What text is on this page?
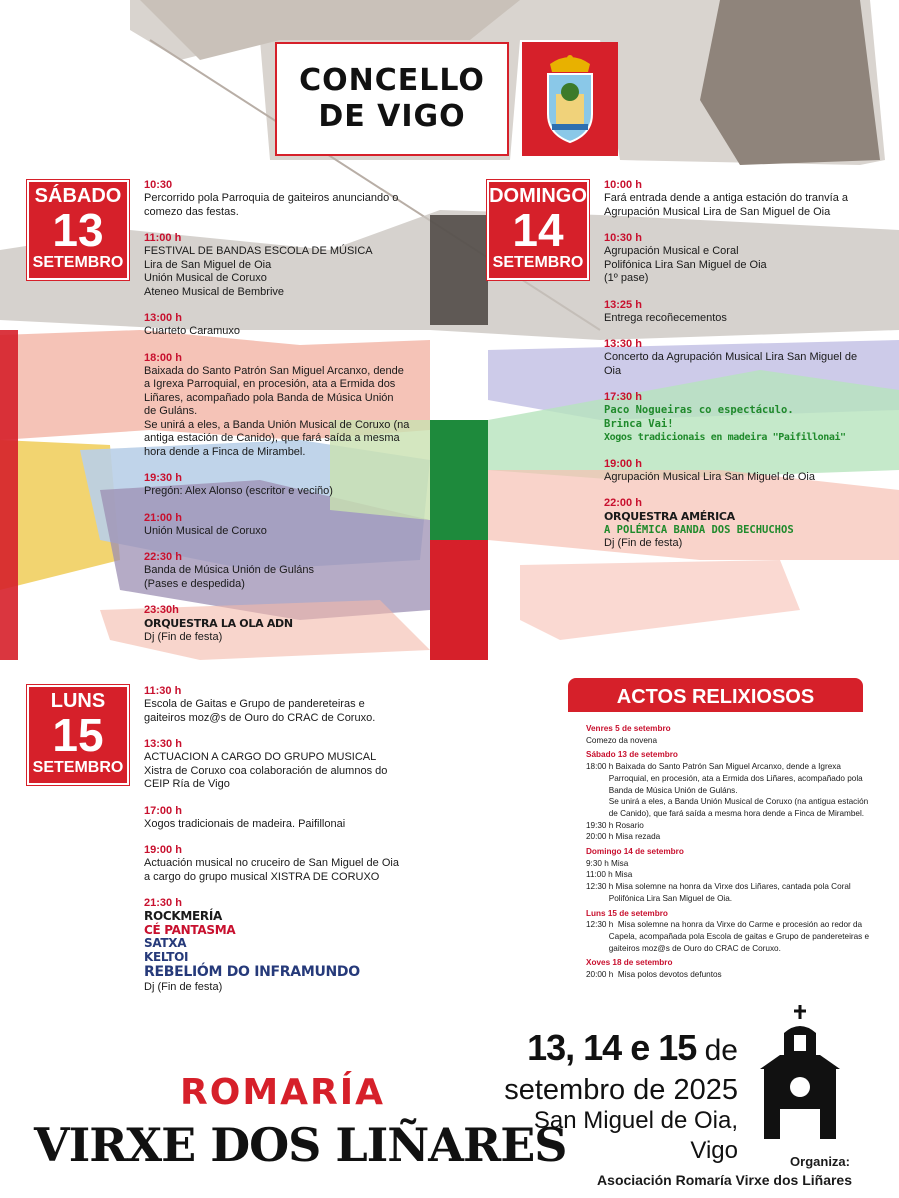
CONCELLO
DE VIGO
SÁBADO
13
SETEMBRO
10:30
Percorrido pola Parroquia de gaiteiros anunciando o
comezo das festas.
11:00 h
FESTIVAL DE BANDAS ESCOLA DE MÚSICA
Lira de San Miguel de Oia
Unión Musical de Coruxo
Ateneo Musical de Bembrive
13:00 h
Cuarteto Caramuxo
18:00 h
Baixada do Santo Patrón San Miguel Arcanxo, dende
a Igrexa Parroquial, en procesión, ata a Ermida dos
Liñares, acompañado pola Banda de Música Unión
de Guláns.
Se unirá a eles, a Banda Unión Musical de Coruxo (na
antiga estación de Canido), que fará saída a mesma
hora dende a Finca de Mirambel.
19:30 h
Pregón: Alex Alonso (escritor e veciño)
21:00 h
Unión Musical de Coruxo
22:30 h
Banda de Música Unión de Guláns
(Pases e despedida)
23:30h
ORQUESTRA LA OLA ADN
Dj (Fin de festa)
DOMINGO
14
SETEMBRO
10:00 h
Fará entrada dende a antiga estación do tranvía a
Agrupación Musical Lira de San Miguel de Oia
10:30 h
Agrupación Musical e Coral
Polifónica Lira San Miguel de Oia
(1º pase)
13:25 h
Entrega recoñecementos
13:30 h
Concerto da Agrupación Musical Lira San Miguel de
Oia
17:30 h
Paco Nogueiras co espectáculo.
Brinca Vai!
Xogos tradicionais en madeira "Paifillonai"
19:00 h
Agrupación Musical Lira San Miguel de Oia
22:00 h
ORQUESTRA AMÉRICA
A POLÉMICA BANDA DOS BECHUCHOS
Dj (Fin de festa)
LUNS
15
SETEMBRO
11:30 h
Escola de Gaitas e Grupo de pandereteiras e
gaiteiros moz@s de Ouro do CRAC de Coruxo.
13:30 h
ACTUACION A CARGO DO GRUPO MUSICAL
Xistra de Coruxo coa colaboración de alumnos do
CEIP Ría de Vigo
17:00 h
Xogos tradicionais de madeira. Paifillonai
19:00 h
Actuación musical no cruceiro de San Miguel de Oia
a cargo do grupo musical XISTRA DE CORUXO
21:30 h
ROCKMERÍA
CÉ PANTASMA
SATXA
KELTOI
REBELIÓM DO INFRAMUNDO
Dj (Fin de festa)
ACTOS RELIXIOSOS
Venres 5 de setembro
Comezo da novena
Sábado 13 de setembro
18:00 h Baixada do Santo Patrón San Miguel Arcanxo, dende a Igrexa
Parroquial, en procesión, ata a Ermida dos Liñares, acompañado pola
Banda de Música Unión de Guláns.
Se unirá a eles, a Banda Unión Musical de Coruxo (na antigua estación
de Canido), que fará saída a mesma hora dende a Finca de Mirambel.
19:30 h Rosario
20:00 h Misa rezada
Domingo 14 de setembro
9:30 h Misa
11:00 h Misa
12:30 h Misa solemne na honra da Virxe dos Liñares, cantada pola Coral
Polifónica Lira San Miguel de Oia.
Luns 15 de setembro
12:30 h  Misa solemne na honra da Virxe do Carme e procesión ao redor da
Capela, acompañada pola Escola de gaitas e Grupo de pandereteiras e
gaiteiros moz@s de Ouro do CRAC de Coruxo.
Xoves 18 de setembro
20:00 h  Misa polos devotos defuntos
13, 14 e 15 de
setembro de 2025
San Miguel de Oia,
Vigo	Organiza:
Asociación Romaría Virxe dos Liñares
ROMARÍA
VIRXE DOS LIÑARES
